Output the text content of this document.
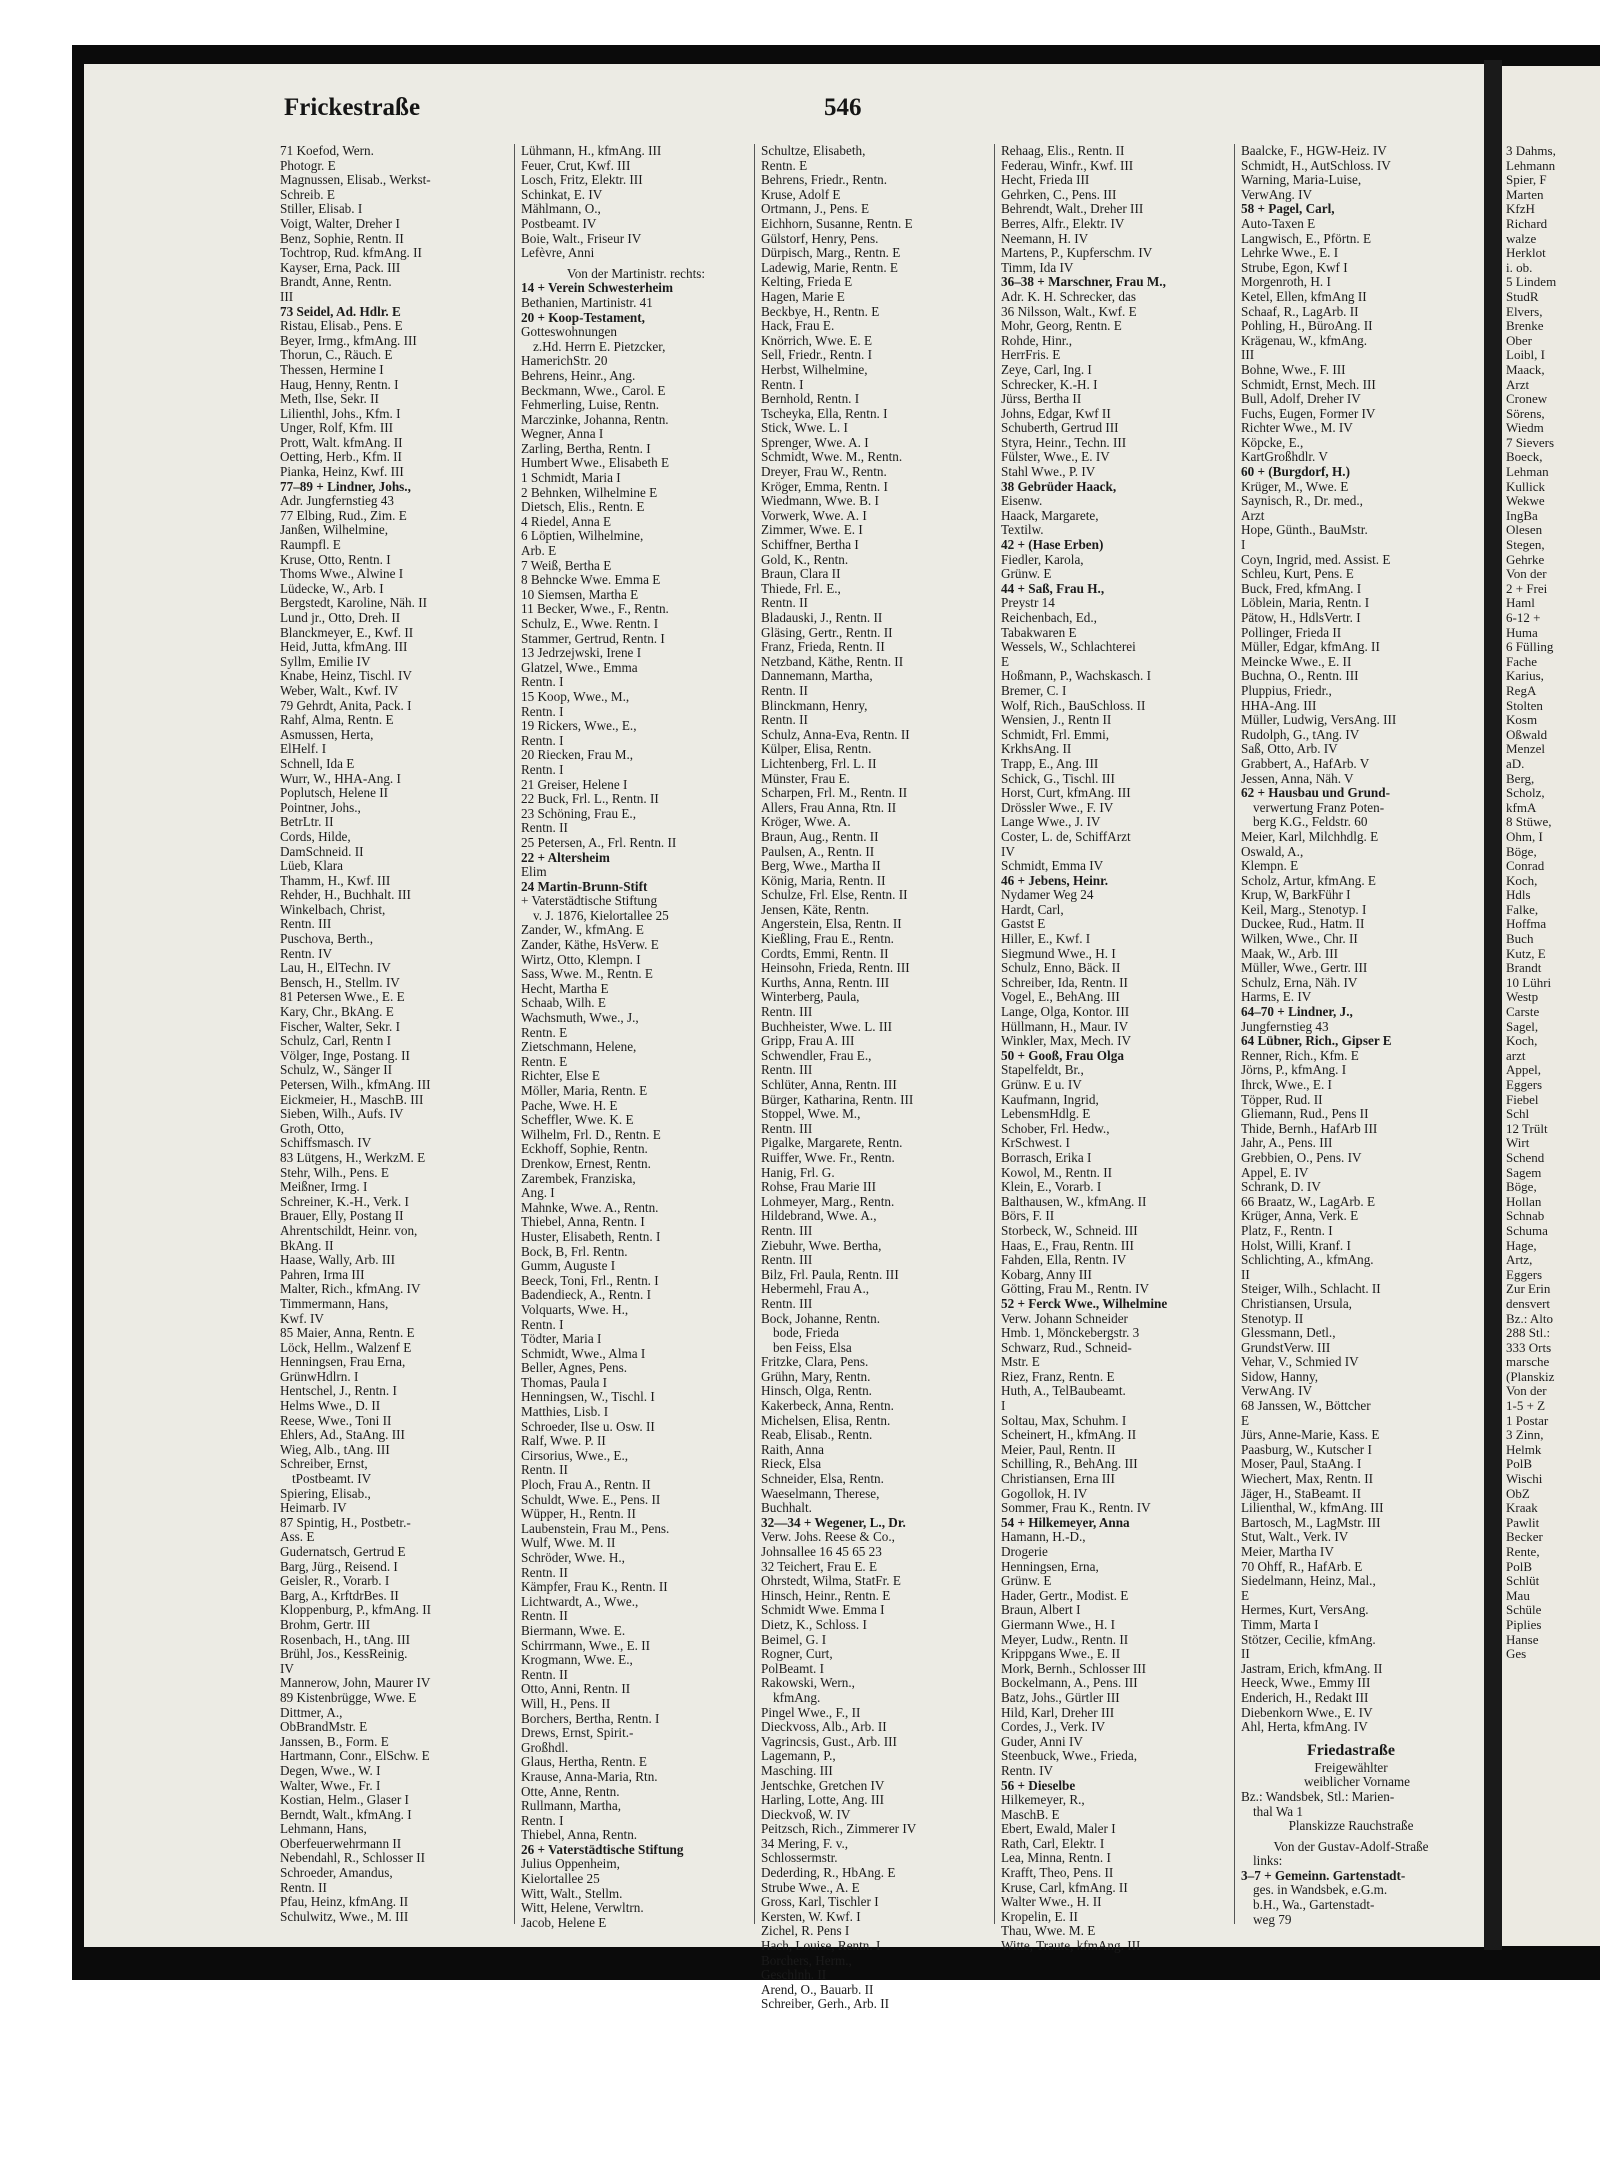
Frickestraße	546
71 Koefod, Wern.
Photogr. E
Magnussen, Elisab., Werkst-
Schreib. E
Stiller, Elisab. I
Voigt, Walter, Dreher I
Benz, Sophie, Rentn. II
Tochtrop, Rud. kfmAng. II
Kayser, Erna, Pack. III
Brandt, Anne, Rentn.
III
73 Seidel, Ad. Hdlr. E
Ristau, Elisab., Pens. E
Beyer, Irmg., kfmAng. III
Thorun, C., Räuch. E
Thessen, Hermine I
Haug, Henny, Rentn. I
Meth, Ilse, Sekr. II
Lilienthl, Johs., Kfm. I
Unger, Rolf, Kfm. III
Prott, Walt. kfmAng. II
Oetting, Herb., Kfm. II
Pianka, Heinz, Kwf. III
77–89 + Lindner, Johs.,
Adr. Jungfernstieg 43
77 Elbing, Rud., Zim. E
Janßen, Wilhelmine,
Raumpfl. E
Kruse, Otto, Rentn. I
Thoms Wwe., Alwine I
Lüdecke, W., Arb. I
Bergstedt, Karoline, Näh. II
Lund jr., Otto, Dreh. II
Blanckmeyer, E., Kwf. II
Heid, Jutta, kfmAng. III
Syllm, Emilie IV
Knabe, Heinz, Tischl. IV
Weber, Walt., Kwf. IV
79 Gehrdt, Anita, Pack. I
Rahf, Alma, Rentn. E
Asmussen, Herta,
ElHelf. I
Schnell, Ida E
Wurr, W., HHA-Ang. I
Poplutsch, Helene II
Pointner, Johs.,
BetrLtr. II
Cords, Hilde,
DamSchneid. II
Lüeb, Klara
Thamm, H., Kwf. III
Rehder, H., Buchhalt. III
Winkelbach, Christ,
Rentn. III
Puschova, Berth.,
Rentn. IV
Lau, H., ElTechn. IV
Bensch, H., Stellm. IV
81 Petersen Wwe., E. E
Kary, Chr., BkAng. E
Fischer, Walter, Sekr. I
Schulz, Carl, Rentn I
Völger, Inge, Postang. II
Schulz, W., Sänger II
Petersen, Wilh., kfmAng. III
Eickmeier, H., MaschB. III
Sieben, Wilh., Aufs. IV
Groth, Otto,
Schiffsmasch. IV
83 Lütgens, H., WerkzM. E
Stehr, Wilh., Pens. E
Meißner, Irmg. I
Schreiner, K.-H., Verk. I
Brauer, Elly, Postang II
Ahrentschildt, Heinr. von,
BkAng. II
Haase, Wally, Arb. III
Pahren, Irma III
Malter, Rich., kfmAng. IV
Timmermann, Hans,
Kwf. IV
85 Maier, Anna, Rentn. E
Löck, Hellm., Walzenf E
Henningsen, Frau Erna,
GrünwHdlrn. I
Hentschel, J., Rentn. I
Helms Wwe., D. II
Reese, Wwe., Toni II
Ehlers, Ad., StaAng. III
Wieg, Alb., tAng. III
Schreiber, Ernst,
tPostbeamt. IV
Spiering, Elisab.,
Heimarb. IV
87 Spintig, H., Postbetr.-
Ass. E
Gudernatsch, Gertrud E
Barg, Jürg., Reisend. I
Geisler, R., Vorarb. I
Barg, A., KrftdrBes. II
Kloppenburg, P., kfmAng. II
Brohm, Gertr. III
Rosenbach, H., tAng. III
Brühl, Jos., KessReinig.
IV
Mannerow, John, Maurer IV
89 Kistenbrügge, Wwe. E
Dittmer, A.,
ObBrandMstr. E
Janssen, B., Form. E
Hartmann, Conr., ElSchw. E
Degen, Wwe., W. I
Walter, Wwe., Fr. I
Kostian, Helm., Glaser I
Berndt, Walt., kfmAng. I
Lehmann, Hans,
Oberfeuerwehrmann II
Nebendahl, R., Schlosser II
Schroeder, Amandus,
Rentn. II
Pfau, Heinz, kfmAng. II
Schulwitz, Wwe., M. III
Lühmann, H., kfmAng. III
Feuer, Crut, Kwf. III
Losch, Fritz, Elektr. III
Schinkat, E. IV
Mählmann, O.,
Postbeamt. IV
Boie, Walt., Friseur IV
Lefèvre, Anni
Von der Martinistr. rechts:
14 + Verein Schwesterheim
Bethanien, Martinistr. 41
20 + Koop-Testament,
Gotteswohnungen
z.Hd. Herrn E. Pietzcker,
HamerichStr. 20
Behrens, Heinr., Ang.
Beckmann, Wwe., Carol. E
Fehmerling, Luise, Rentn.
Marczinke, Johanna, Rentn.
Wegner, Anna I
Zarling, Bertha, Rentn. I
Humbert Wwe., Elisabeth E
1 Schmidt, Maria I
2 Behnken, Wilhelmine E
Dietsch, Elis., Rentn. E
4 Riedel, Anna E
6 Löptien, Wilhelmine,
Arb. E
7 Weiß, Bertha E
8 Behncke Wwe. Emma E
10 Siemsen, Martha E
11 Becker, Wwe., F., Rentn.
Schulz, E., Wwe. Rentn. I
Stammer, Gertrud, Rentn. I
13 Jedrzejwski, Irene I
Glatzel, Wwe., Emma
Rentn. I
15 Koop, Wwe., M.,
Rentn. I
19 Rickers, Wwe., E.,
Rentn. I
20 Riecken, Frau M.,
Rentn. I
21 Greiser, Helene I
22 Buck, Frl. L., Rentn. II
23 Schöning, Frau E.,
Rentn. II
25 Petersen, A., Frl. Rentn. II
22 + Altersheim
Elim
24 Martin-Brunn-Stift
+ Vaterstädtische Stiftung
v. J. 1876, Kielortallee 25
Zander, W., kfmAng. E
Zander, Käthe, HsVerw. E
Wirtz, Otto, Klempn. I
Sass, Wwe. M., Rentn. E
Hecht, Martha E
Schaab, Wilh. E
Wachsmuth, Wwe., J.,
Rentn. E
Zietschmann, Helene,
Rentn. E
Richter, Else E
Möller, Maria, Rentn. E
Pache, Wwe. H. E
Scheffler, Wwe. K. E
Wilhelm, Frl. D., Rentn. E
Eckhoff, Sophie, Rentn.
Drenkow, Ernest, Rentn.
Zarembek, Franziska,
Ang. I
Mahnke, Wwe. A., Rentn.
Thiebel, Anna, Rentn. I
Huster, Elisabeth, Rentn. I
Bock, B, Frl. Rentn.
Gumm, Auguste I
Beeck, Toni, Frl., Rentn. I
Badendieck, A., Rentn. I
Volquarts, Wwe. H.,
Rentn. I
Tödter, Maria I
Schmidt, Wwe., Alma I
Beller, Agnes, Pens.
Thomas, Paula I
Henningsen, W., Tischl. I
Matthies, Lisb. I
Schroeder, Ilse u. Osw. II
Ralf, Wwe. P. II
Cirsorius, Wwe., E.,
Rentn. II
Ploch, Frau A., Rentn. II
Schuldt, Wwe. E., Pens. II
Wüpper, H., Rentn. II
Laubenstein, Frau M., Pens.
Wulf, Wwe. M. II
Schröder, Wwe. H.,
Rentn. II
Kämpfer, Frau K., Rentn. II
Lichtwardt, A., Wwe.,
Rentn. II
Biermann, Wwe. E.
Schirrmann, Wwe., E. II
Krogmann, Wwe. E.,
Rentn. II
Otto, Anni, Rentn. II
Will, H., Pens. II
Borchers, Bertha, Rentn. I
Drews, Ernst, Spirit.-
Großhdl.
Glaus, Hertha, Rentn. E
Krause, Anna-Maria, Rtn.
Otte, Anne, Rentn.
Rullmann, Martha,
Rentn. I
Thiebel, Anna, Rentn.
26 + Vaterstädtische Stiftung
Julius Oppenheim,
Kielortallee 25
Witt, Walt., Stellm.
Witt, Helene, Verwltrn.
Jacob, Helene E
Schultze, Elisabeth,
Rentn. E
Behrens, Friedr., Rentn.
Kruse, Adolf E
Ortmann, J., Pens. E
Eichhorn, Susanne, Rentn. E
Gülstorf, Henry, Pens.
Dürpisch, Marg., Rentn. E
Ladewig, Marie, Rentn. E
Kelting, Frieda E
Hagen, Marie E
Beckbye, H., Rentn. E
Hack, Frau E.
Knörrich, Wwe. E. E
Sell, Friedr., Rentn. I
Herbst, Wilhelmine,
Rentn. I
Bernhold, Rentn. I
Tscheyka, Ella, Rentn. I
Stick, Wwe. L. I
Sprenger, Wwe. A. I
Schmidt, Wwe. M., Rentn.
Dreyer, Frau W., Rentn.
Kröger, Emma, Rentn. I
Wiedmann, Wwe. B. I
Vorwerk, Wwe. A. I
Zimmer, Wwe. E. I
Schiffner, Bertha I
Gold, K., Rentn.
Braun, Clara II
Thiede, Frl. E.,
Rentn. II
Bladauski, J., Rentn. II
Gläsing, Gertr., Rentn. II
Franz, Frieda, Rentn. II
Netzband, Käthe, Rentn. II
Dannemann, Martha,
Rentn. II
Blinckmann, Henry,
Rentn. II
Schulz, Anna-Eva, Rentn. II
Külper, Elisa, Rentn.
Lichtenberg, Frl. L. II
Münster, Frau E.
Scharpen, Frl. M., Rentn. II
Allers, Frau Anna, Rtn. II
Kröger, Wwe. A.
Braun, Aug., Rentn. II
Paulsen, A., Rentn. II
Berg, Wwe., Martha II
König, Maria, Rentn. II
Schulze, Frl. Else, Rentn. II
Jensen, Käte, Rentn.
Angerstein, Elsa, Rentn. II
Kießling, Frau E., Rentn.
Cordts, Emmi, Rentn. II
Heinsohn, Frieda, Rentn. III
Kurths, Anna, Rentn. III
Winterberg, Paula,
Rentn. III
Buchheister, Wwe. L. III
Gripp, Frau A. III
Schwendler, Frau E.,
Rentn. III
Schlüter, Anna, Rentn. III
Bürger, Katharina, Rentn. III
Stoppel, Wwe. M.,
Rentn. III
Pigalke, Margarete, Rentn.
Ruiffer, Wwe. Fr., Rentn.
Hanig, Frl. G.
Rohse, Frau Marie III
Lohmeyer, Marg., Rentn.
Hildebrand, Wwe. A.,
Rentn. III
Ziebuhr, Wwe. Bertha,
Rentn. III
Bilz, Frl. Paula, Rentn. III
Hebermehl, Frau A.,
Rentn. III
Bock, Johanne, Rentn.
bode, Frieda
ben Feiss, Elsa
Fritzke, Clara, Pens.
Grühn, Mary, Rentn.
Hinsch, Olga, Rentn.
Kakerbeck, Anna, Rentn.
Michelsen, Elisa, Rentn.
Reab, Elisab., Rentn.
Raith, Anna
Rieck, Elsa
Schneider, Elsa, Rentn.
Waeselmann, Therese,
Buchhalt.
32—34 + Wegener, L., Dr.
Verw. Johs. Reese & Co.,
Johnsallee 16 45 65 23
32 Teichert, Frau E. E
Ohrstedt, Wilma, StatFr. E
Hinsch, Heinr., Rentn. E
Schmidt Wwe. Emma I
Dietz, K., Schloss. I
Beimel, G. I
Rogner, Curt,
PolBeamt. I
Rakowski, Wern.,
kfmAng.
Pingel Wwe., F., II
Dieckvoss, Alb., Arb. II
Vagrincsis, Gust., Arb. III
Lagemann, P.,
Masching. III
Jentschke, Gretchen IV
Harling, Lotte, Ang. III
Dieckvoß, W. IV
Peitzsch, Rich., Zimmerer IV
34 Mering, F. v.,
Schlossermstr.
Dederding, R., HbAng. E
Strube Wwe., A. E
Gross, Karl, Tischler I
Kersten, W. Kwf. I
Zichel, R. Pens I
Hach, Louise, Rentn. I
Borchers, Herm.,
Geschlnh. II
Arend, O., Bauarb. II
Schreiber, Gerh., Arb. II
Rehaag, Elis., Rentn. II
Federau, Winfr., Kwf. III
Hecht, Frieda III
Gehrken, C., Pens. III
Behrendt, Walt., Dreher III
Berres, Alfr., Elektr. IV
Neemann, H. IV
Martens, P., Kupferschm. IV
Timm, Ida IV
36–38 + Marschner, Frau M.,
Adr. K. H. Schrecker, das
36 Nilsson, Walt., Kwf. E
Mohr, Georg, Rentn. E
Rohde, Hinr.,
HerrFris. E
Zeye, Carl, Ing. I
Schrecker, K.-H. I
Jürss, Bertha II
Johns, Edgar, Kwf II
Schuberth, Gertrud III
Styra, Heinr., Techn. III
Fülster, Wwe., E. IV
Stahl Wwe., P. IV
38 Gebrüder Haack,
Eisenw.
Haack, Margarete,
Textilw.
42 + (Hase Erben)
Fiedler, Karola,
Grünw. E
44 + Saß, Frau H.,
Preystr 14
Reichenbach, Ed.,
Tabakwaren E
Wessels, W., Schlachterei
E
Hoßmann, P., Wachskasch. I
Bremer, C. I
Wolf, Rich., BauSchloss. II
Wensien, J., Rentn II
Schmidt, Frl. Emmi,
KrkhsAng. II
Trapp, E., Ang. III
Schick, G., Tischl. III
Horst, Curt, kfmAng. III
Drössler Wwe., F. IV
Lange Wwe., J. IV
Coster, L. de, SchiffArzt
IV
Schmidt, Emma IV
46 + Jebens, Heinr.
Nydamer Weg 24
Hardt, Carl,
Gastst E
Hiller, E., Kwf. I
Siegmund Wwe., H. I
Schulz, Enno, Bäck. II
Schreiber, Ida, Rentn. II
Vogel, E., BehAng. III
Lange, Olga, Kontor. III
Hüllmann, H., Maur. IV
Winkler, Max, Mech. IV
50 + Gooß, Frau Olga
Stapelfeldt, Br.,
Grünw. E u. IV
Kaufmann, Ingrid,
LebensmHdlg. E
Schober, Frl. Hedw.,
KrSchwest. I
Borrasch, Erika I
Kowol, M., Rentn. II
Klein, E., Vorarb. I
Balthausen, W., kfmAng. II
Börs, F. II
Storbeck, W., Schneid. III
Haas, E., Frau, Rentn. III
Fahden, Ella, Rentn. IV
Kobarg, Anny III
Götting, Frau M., Rentn. IV
52 + Ferck Wwe., Wilhelmine
Verw. Johann Schneider
Hmb. 1, Mönckebergstr. 3
Schwarz, Rud., Schneid-
Mstr. E
Riez, Franz, Rentn. E
Huth, A., TelBaubeamt.
I
Soltau, Max, Schuhm. I
Scheinert, H., kfmAng. II
Meier, Paul, Rentn. II
Schilling, R., BehAng. III
Christiansen, Erna III
Gogollok, H. IV
Sommer, Frau K., Rentn. IV
54 + Hilkemeyer, Anna
Hamann, H.-D.,
Drogerie
Henningsen, Erna,
Grünw. E
Hader, Gertr., Modist. E
Braun, Albert I
Giermann Wwe., H. I
Meyer, Ludw., Rentn. II
Krippgans Wwe., E. II
Mork, Bernh., Schlosser III
Bockelmann, A., Pens. III
Batz, Johs., Gürtler III
Hild, Karl, Dreher III
Cordes, J., Verk. IV
Guder, Anni IV
Steenbuck, Wwe., Frieda,
Rentn. IV
56 + Dieselbe
Hilkemeyer, R.,
MaschB. E
Ebert, Ewald, Maler I
Rath, Carl, Elektr. I
Lea, Minna, Rentn. I
Krafft, Theo, Pens. II
Kruse, Carl, kfmAng. II
Walter Wwe., H. II
Kropelin, E. II
Thau, Wwe. M. E
Witte, Traute, kfmAng. III
Baalcke, F., HGW-Heiz. IV
Schmidt, H., AutSchloss. IV
Warning, Maria-Luise,
VerwAng. IV
58 + Pagel, Carl,
Auto-Taxen E
Langwisch, E., Pförtn. E
Lehrke Wwe., E. I
Strube, Egon, Kwf I
Morgenroth, H. I
Ketel, Ellen, kfmAng II
Schaaf, R., LagArb. II
Pohling, H., BüroAng. II
Krägenau, W., kfmAng.
III
Bohne, Wwe., F. III
Schmidt, Ernst, Mech. III
Bull, Adolf, Dreher IV
Fuchs, Eugen, Former IV
Richter Wwe., M. IV
Köpcke, E.,
KartGroßhdlr. V
60 + (Burgdorf, H.)
Krüger, M., Wwe. E
Saynisch, R., Dr. med.,
Arzt
Hope, Günth., BauMstr.
I
Coyn, Ingrid, med. Assist. E
Schleu, Kurt, Pens. E
Buck, Fred, kfmAng. I
Löblein, Maria, Rentn. I
Pätow, H., HdlsVertr. I
Pollinger, Frieda II
Müller, Edgar, kfmAng. II
Meincke Wwe., E. II
Buchna, O., Rentn. III
Pluppius, Friedr.,
HHA-Ang. III
Müller, Ludwig, VersAng. III
Rudolph, G., tAng. IV
Saß, Otto, Arb. IV
Grabbert, A., HafArb. V
Jessen, Anna, Näh. V
62 + Hausbau und Grund-
verwertung Franz Poten-
berg K.G., Feldstr. 60
Meier, Karl, Milchhdlg. E
Oswald, A.,
Klempn. E
Scholz, Artur, kfmAng. E
Krup, W, BarkFühr I
Keil, Marg., Stenotyp. I
Duckee, Rud., Hatm. II
Wilken, Wwe., Chr. II
Maak, W., Arb. III
Müller, Wwe., Gertr. III
Schulz, Erna, Näh. IV
Harms, E. IV
64–70 + Lindner, J.,
Jungfernstieg 43
64 Lübner, Rich., Gipser E
Renner, Rich., Kfm. E
Jörns, P., kfmAng. I
Ihrck, Wwe., E. I
Töpper, Rud. II
Gliemann, Rud., Pens II
Thide, Bernh., HafArb III
Jahr, A., Pens. III
Grebbien, O., Pens. IV
Appel, E. IV
Schrank, D. IV
66 Braatz, W., LagArb. E
Krüger, Anna, Verk. E
Platz, F., Rentn. I
Holst, Willi, Kranf. I
Schlichting, A., kfmAng.
II
Steiger, Wilh., Schlacht. II
Christiansen, Ursula,
Stenotyp. II
Glessmann, Detl.,
GrundstVerw. III
Vehar, V., Schmied IV
Sidow, Hanny,
VerwAng. IV
68 Janssen, W., Böttcher
E
Jürs, Anne-Marie, Kass. E
Paasburg, W., Kutscher I
Moser, Paul, StaAng. I
Wiechert, Max, Rentn. II
Jäger, H., StaBeamt. II
Lilienthal, W., kfmAng. III
Bartosch, M., LagMstr. III
Stut, Walt., Verk. IV
Meier, Martha IV
70 Ohff, R., HafArb. E
Siedelmann, Heinz, Mal.,
E
Hermes, Kurt, VersAng.
Timm, Marta I
Stötzer, Cecilie, kfmAng.
II
Jastram, Erich, kfmAng. II
Heeck, Wwe., Emmy III
Enderich, H., Redakt III
Diebenkorn Wwe., E. IV
Ahl, Herta, kfmAng. IV
Friedastraße
Freigewählter
weiblicher Vorname
Bz.: Wandsbek, Stl.: Marien-
thal Wa 1
Planskizze Rauchstraße
Von der Gustav-Adolf-Straße
links:
3–7 + Gemeinn. Gartenstadt-
ges. in Wandsbek, e.G.m.
b.H., Wa., Gartenstadt-
weg 79
3 Dahms,
Lehmann
Spier, F
Marten
KfzH
Richard
walze
Herklot
i. ob.
5 Lindem
StudR
Elvers,
Brenke
Ober
Loibl, I
Maack,
Arzt
Cronew
Sörens,
Wiedm
7 Sievers
Boeck,
Lehman
Kullick
Wekwe
IngBa
Olesen
Stegen,
Gehrke
Von der
2 + Frei
Haml
6-12 +
Huma
6 Fülling
Fache
Karius,
RegA
Stolten
Kosm
Oßwald
Menzel
aD.
Berg,
Scholz,
kfmA
8 Stüwe,
Ohm, I
Böge,
Conrad
Koch,
Hdls
Falke,
Hoffma
Buch
Kutz, E
Brandt
10 Lühri
Westp
Carste
Sagel,
Koch,
arzt
Appel,
Eggers
Fiebel
Schl
12 Trült
Wirt
Schend
Sagem
Böge,
Hollan
Schnab
Schuma
Hage,
Artz,
Eggers
Zur Erin
densvert
Bz.: Alto
288 Stl.:
333 Orts
marsche
(Planskiz
Von der
1-5 + Z
1 Postar
3 Zinn,
Helmk
PolB
Wischi
ObZ
Kraak
Pawlit
Becker
Rente,
PolB
Schlüt
Mau
Schüle
Piplies
Hanse
Ges
